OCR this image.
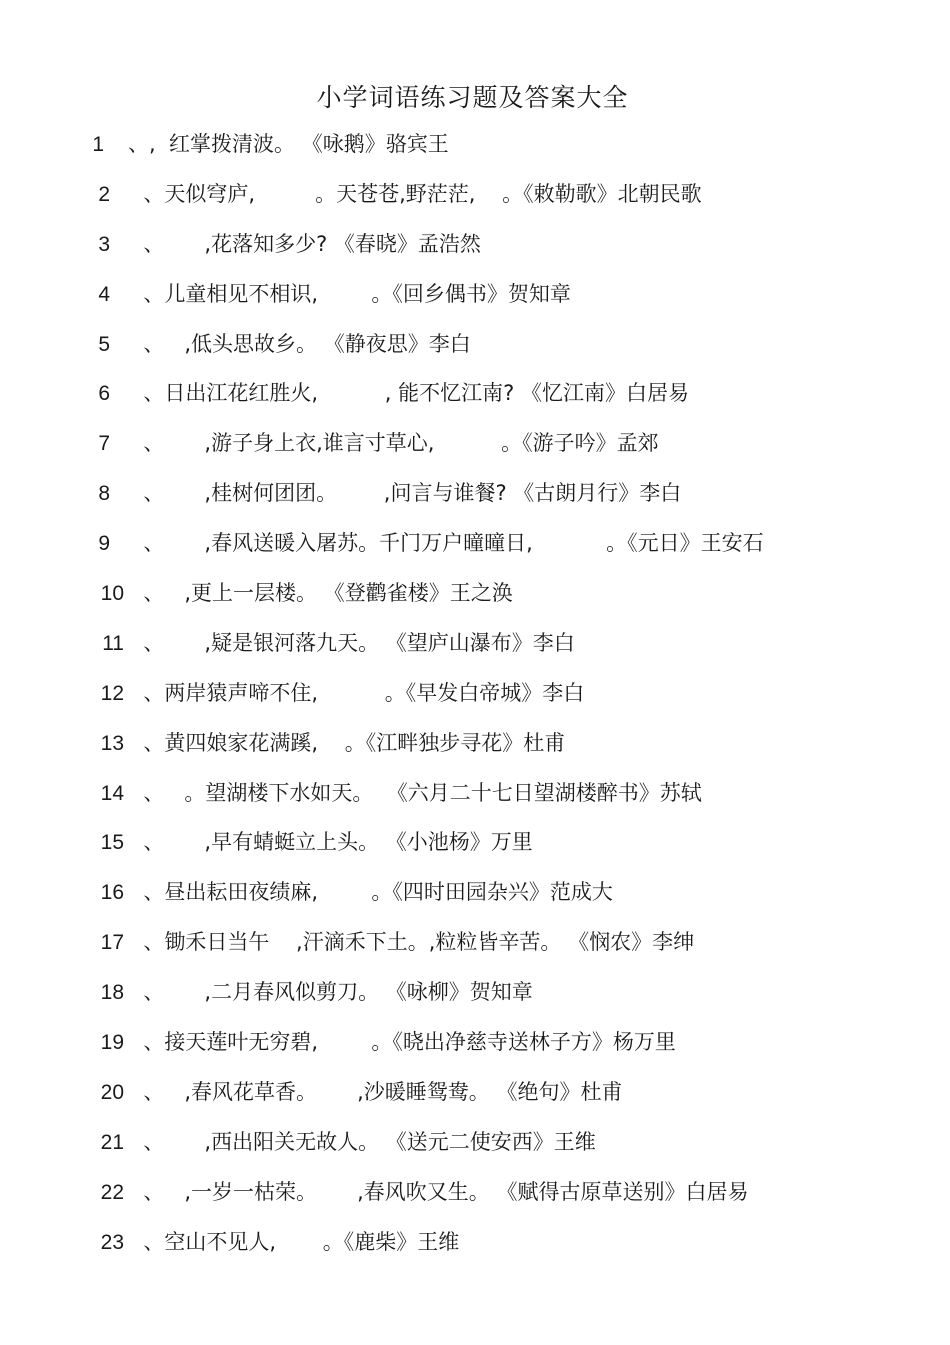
小学词语练习题及答案大全
1 、,  红掌拨清波。 《咏鹅》骆宾王
2 、天似穹庐,         。天苍苍,野茫茫,    。《敕勒歌》北朝民歌
3 、      ,花落知多少? 《春晓》孟浩然
4 、儿童相见不相识,        。《回乡偶书》贺知章
5 、   ,低头思故乡。 《静夜思》李白
6 、日出江花红胜火,          , 能不忆江南? 《忆江南》白居易
7 、      ,游子身上衣,谁言寸草心,          。《游子吟》孟郊
8 、      ,桂树何团团。       ,问言与谁餐? 《古朗月行》李白
9 、      ,春风送暖入屠苏。千门万户曈曈日,           。《元日》王安石
10 、   ,更上一层楼。 《登鹳雀楼》王之涣
11 、      ,疑是银河落九天。 《望庐山瀑布》李白
12 、两岸猿声啼不住,          。《早发白帝城》李白
13 、黄四娘家花满蹊,    。《江畔独步寻花》杜甫
14 、   。望湖楼下水如天。  《六月二十七日望湖楼醉书》苏轼
15 、      ,早有蜻蜓立上头。 《小池杨》万里
16 、昼出耘田夜绩麻,        。《四时田园杂兴》范成大
17 、锄禾日当午    ,汗滴禾下土。,粒粒皆辛苦。 《悯农》李绅
18 、      ,二月春风似剪刀。 《咏柳》贺知章
19 、接天莲叶无穷碧,        。《晓出净慈寺送林子方》杨万里
20 、   ,春风花草香。      ,沙暖睡鸳鸯。 《绝句》杜甫
21 、      ,西出阳关无故人。 《送元二使安西》王维
22 、   ,一岁一枯荣。      ,春风吹又生。 《赋得古原草送别》白居易
23 、空山不见人,       。《鹿柴》王维
